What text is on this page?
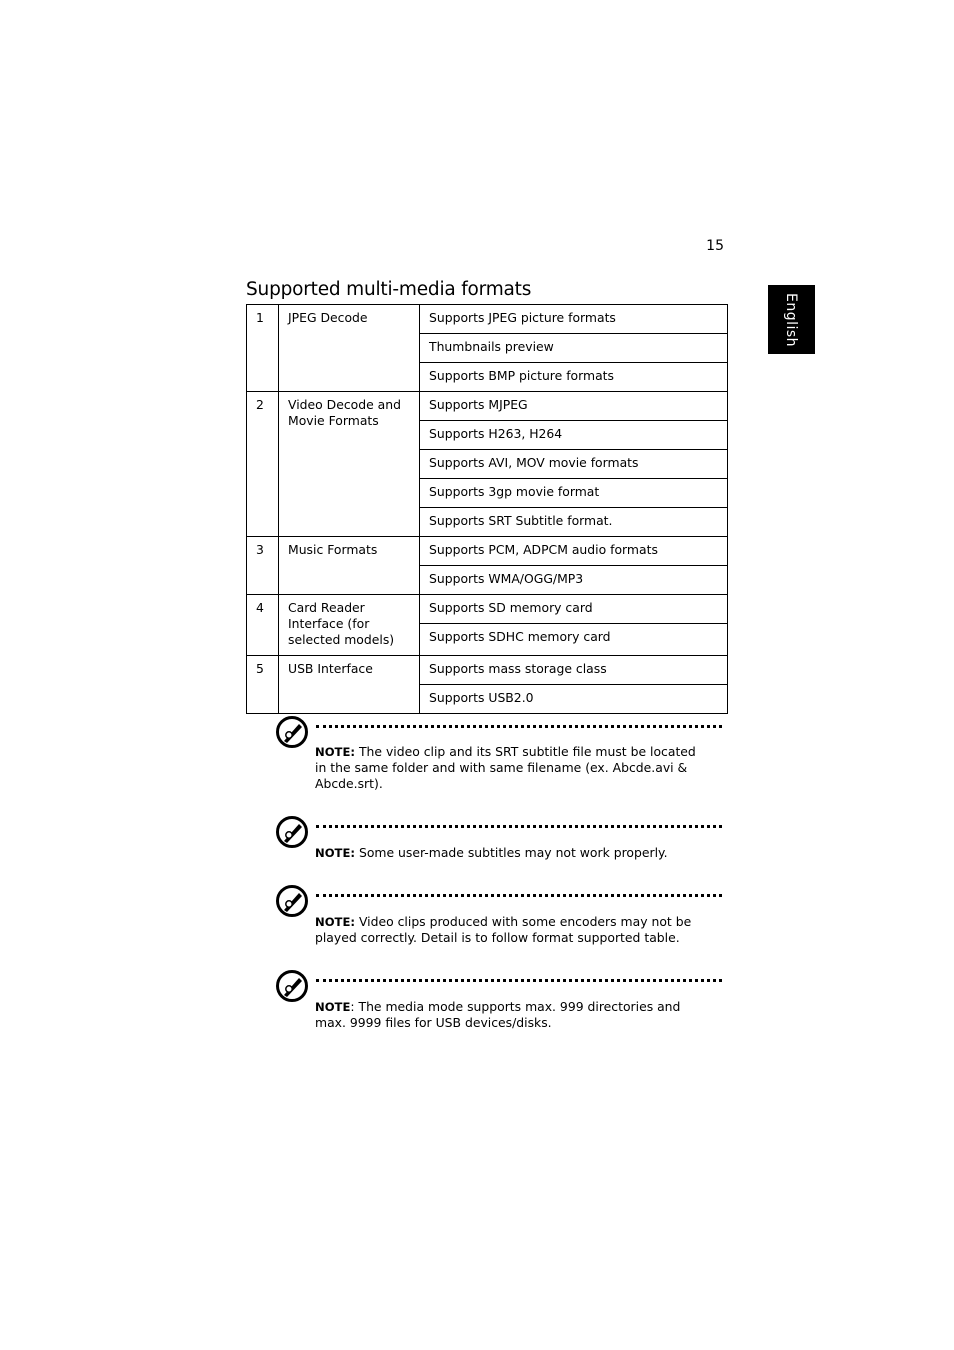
15
English
Supported multi-media formats
1	JPEG Decode	Supports JPEG picture formats
		Thumbnails preview
		Supports BMP picture formats
2	Video Decode and Movie Formats	Supports MJPEG
		Supports H263, H264
		Supports AVI, MOV movie formats
		Supports 3gp movie format
		Supports SRT Subtitle format.
3	Music Formats	Supports PCM, ADPCM audio formats
		Supports WMA/OGG/MP3
4	Card Reader Interface (for selected models)	Supports SD memory card
		Supports SDHC memory card
5	USB Interface	Supports mass storage class
		Supports USB2.0
NOTE: The video clip and its SRT subtitle file must be located in the same folder and with same filename (ex. Abcde.avi & Abcde.srt).
NOTE: Some user-made subtitles may not work properly.
NOTE: Video clips produced with some encoders may not be played correctly. Detail is to follow format supported table.
NOTE: The media mode supports max. 999 directories and max. 9999 files for USB devices/disks.
